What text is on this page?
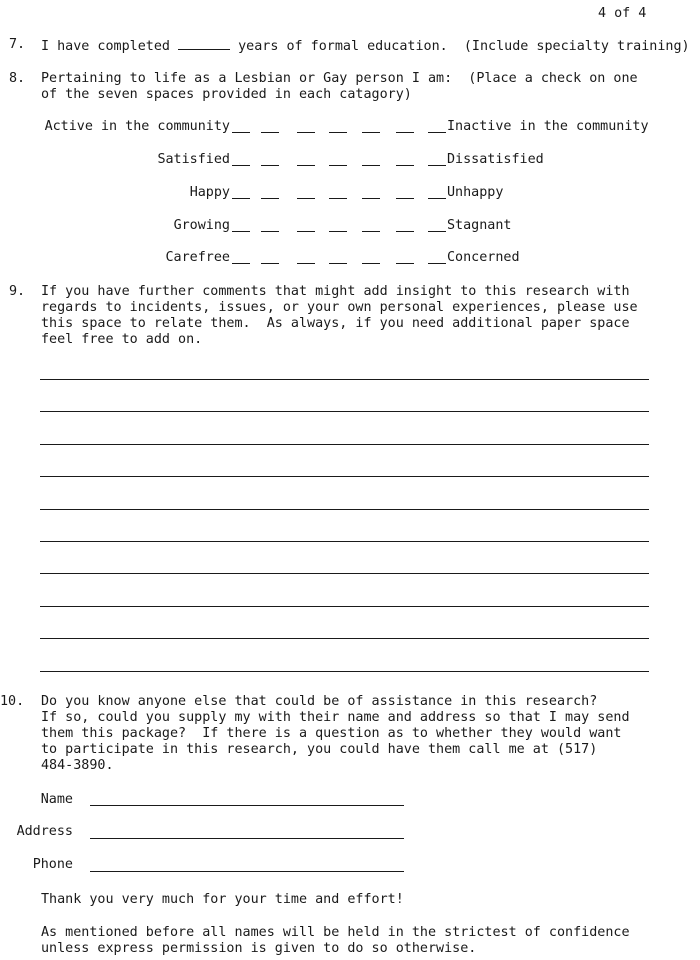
4 of 4
7. I have completed	years of formal education.  (Include specialty training)
8. Pertaining to life as a Lesbian or Gay person I am:  (Place a check on one
of the seven spaces provided in each catagory)
Active in the community	Inactive in the community
Satisfied	Dissatisfied
Happy	Unhappy
Growing	Stagnant
Carefree	Concerned
9. If you have further comments that might add insight to this research with
regards to incidents, issues, or your own personal experiences, please use
this space to relate them.  As always, if you need additional paper space
feel free to add on.
10. Do you know anyone else that could be of assistance in this research?
If so, could you supply my with their name and address so that I may send
them this package?  If there is a question as to whether they would want
to participate in this research, you could have them call me at (517)
484-3890.
Name
Address
Phone
Thank you very much for your time and effort!
As mentioned before all names will be held in the strictest of confidence
unless express permission is given to do so otherwise.
